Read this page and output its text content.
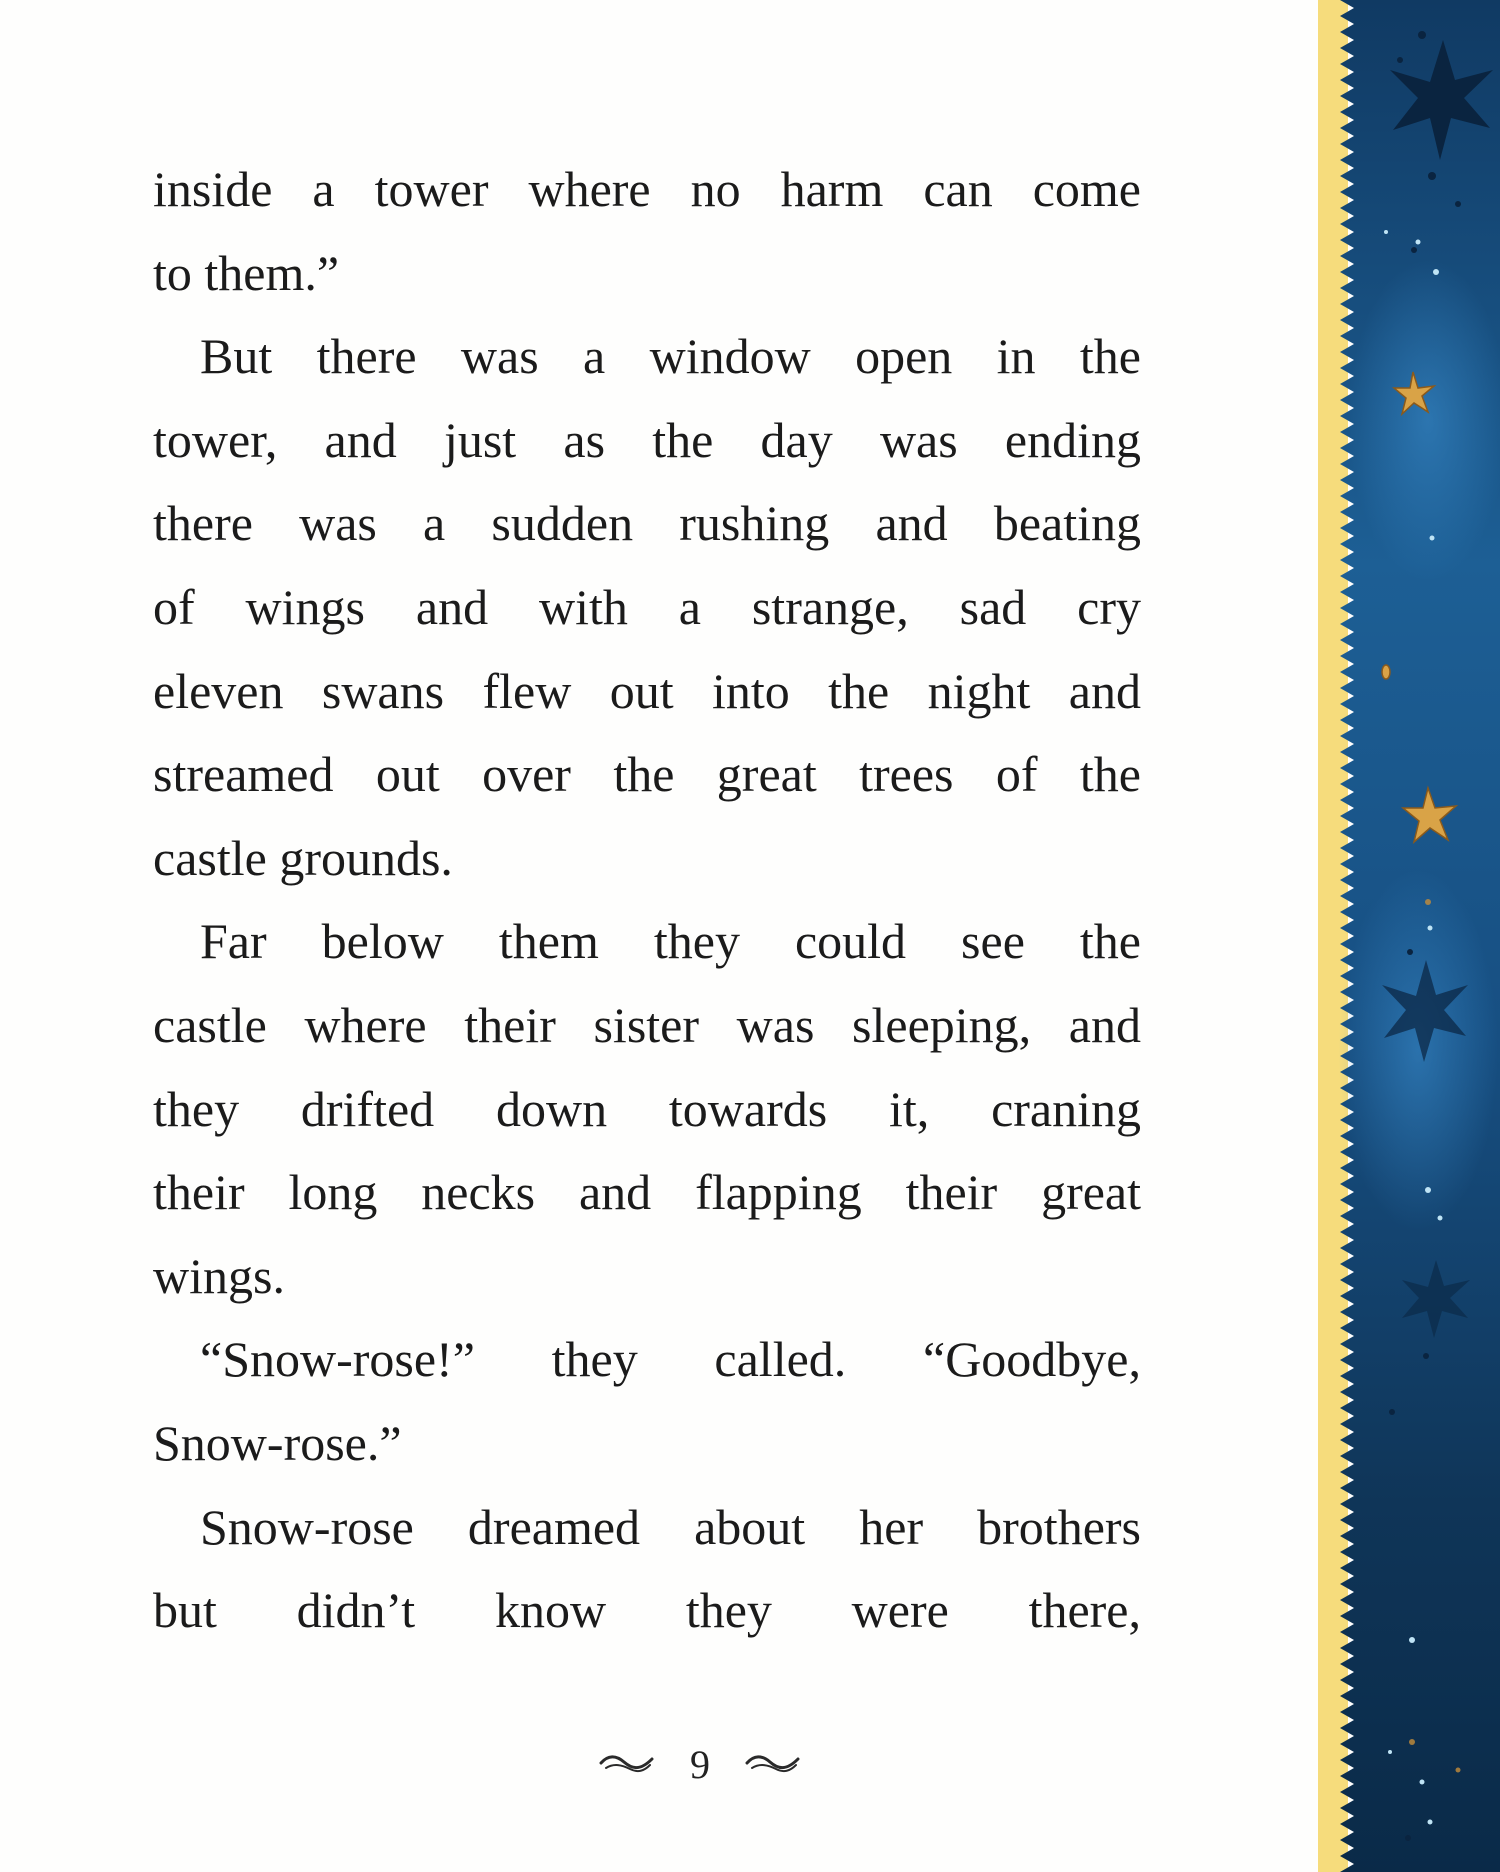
inside a tower where no harm can come
to them.”
But there was a window open in the
tower, and just as the day was ending
there was a sudden rushing and beating
of wings and with a strange, sad cry
eleven swans flew out into the night and
streamed out over the great trees of the
castle grounds.
Far below them they could see the
castle where their sister was sleeping, and
they drifted down towards it, craning
their long necks and flapping their great
wings.
“Snow-rose!” they called. “Goodbye,
Snow-rose.”
Snow-rose dreamed about her brothers
but didn’t know they were there,
9
